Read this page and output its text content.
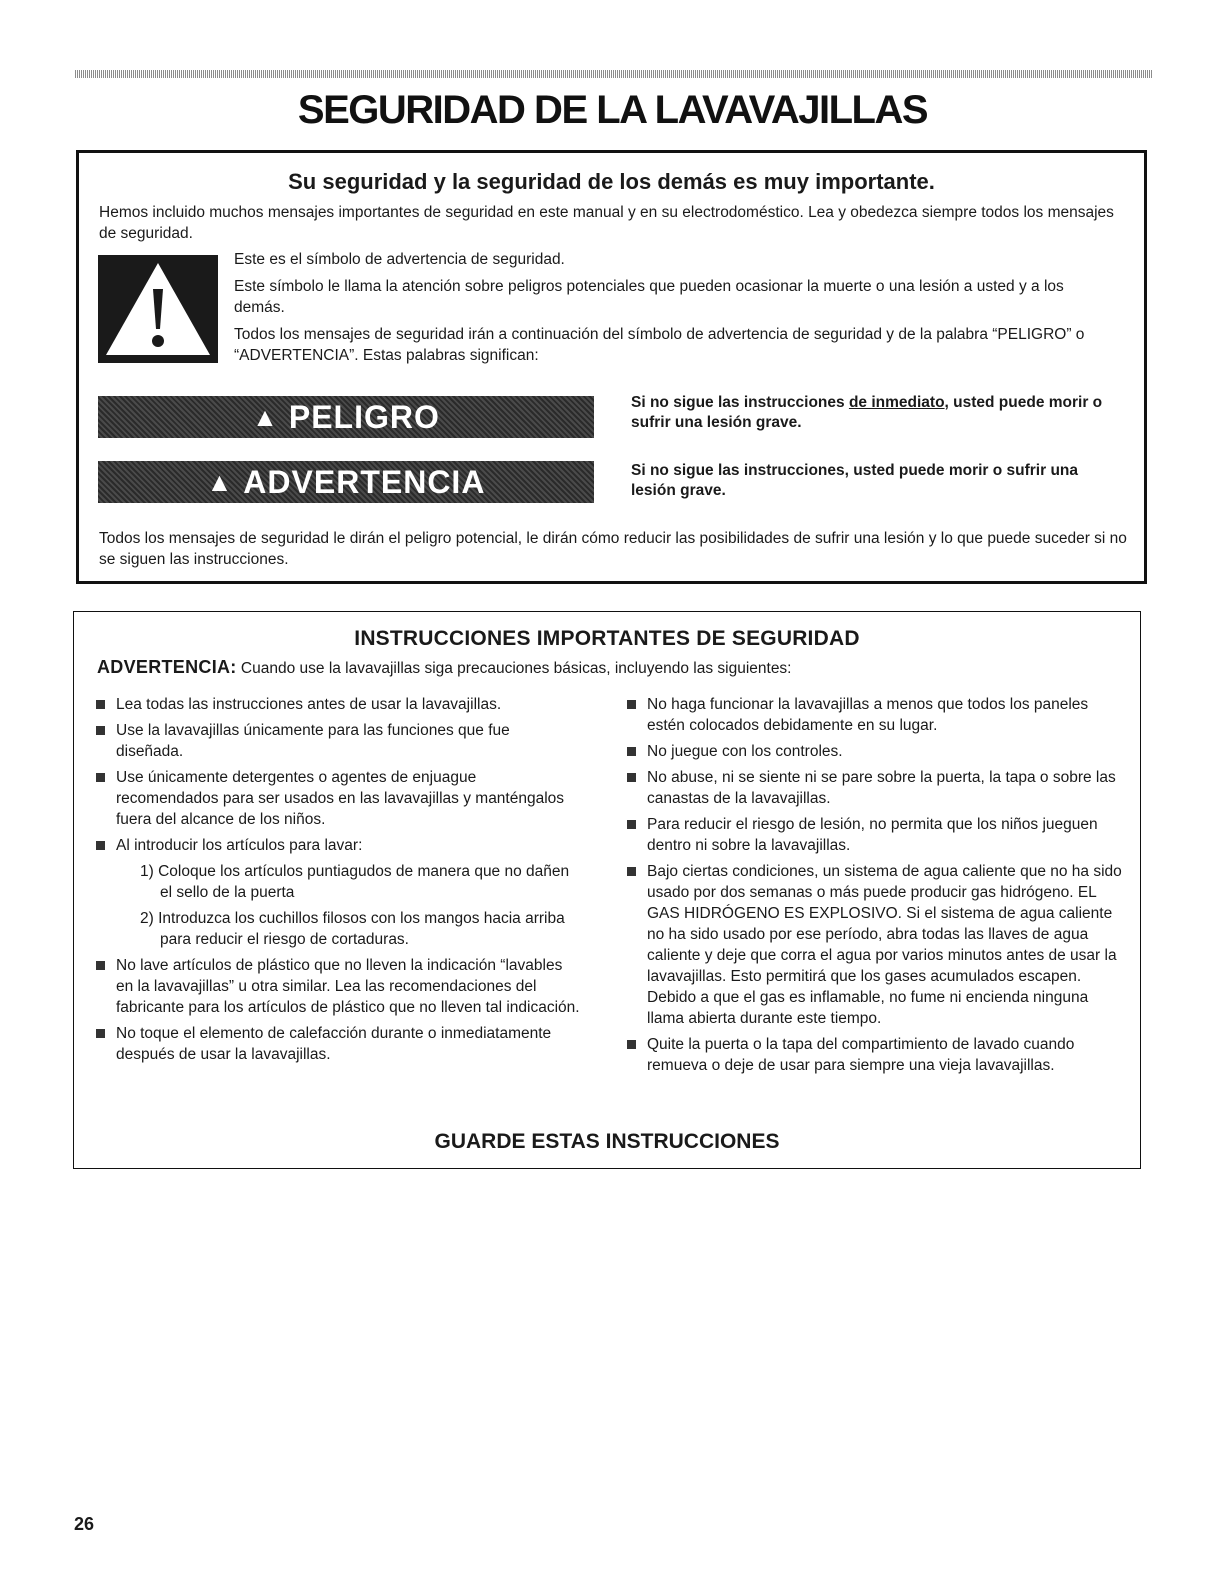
SEGURIDAD DE LA LAVAVAJILLAS
Su seguridad y la seguridad de los demás es muy importante.

Hemos incluido muchos mensajes importantes de seguridad en este manual y en su electrodoméstico. Lea y obedezca siempre todos los mensajes de seguridad.

Este es el símbolo de advertencia de seguridad.

Este símbolo le llama la atención sobre peligros potenciales que pueden ocasionar la muerte o una lesión a usted y a los demás.

Todos los mensajes de seguridad irán a continuación del símbolo de advertencia de seguridad y de la palabra “PELIGRO” o “ADVERTENCIA”. Estas palabras significan:

▲ PELIGRO	Si no sigue las instrucciones de inmediato, usted puede morir o sufrir una lesión grave.

▲ ADVERTENCIA	Si no sigue las instrucciones, usted puede morir o sufrir una lesión grave.

Todos los mensajes de seguridad le dirán el peligro potencial, le dirán cómo reducir las posibilidades de sufrir una lesión y lo que puede suceder si no se siguen las instrucciones.

INSTRUCCIONES IMPORTANTES DE SEGURIDAD

ADVERTENCIA: Cuando use la lavavajillas siga precauciones básicas, incluyendo las siguientes:

Lea todas las instrucciones antes de usar la lavavajillas.

Use la lavavajillas únicamente para las funciones que fue diseñada.

Use únicamente detergentes o agentes de enjuague recomendados para ser usados en las lavavajillas y manténgalos fuera del alcance de los niños.

Al introducir los artículos para lavar:

1) Coloque los artículos puntiagudos de manera que no dañen el sello de la puerta

2) Introduzca los cuchillos filosos con los mangos hacia arriba para reducir el riesgo de cortaduras.

No lave artículos de plástico que no lleven la indicación “lavables en la lavavajillas” u otra similar. Lea las recomendaciones del fabricante para los artículos de plástico que no lleven tal indicación.

No toque el elemento de calefacción durante o inmediatamente después de usar la lavavajillas.

No haga funcionar la lavavajillas a menos que todos los paneles estén colocados debidamente en su lugar.

No juegue con los controles.

No abuse, ni se siente ni se pare sobre la puerta, la tapa o sobre las canastas de la lavavajillas.

Para reducir el riesgo de lesión, no permita que los niños jueguen dentro ni sobre la lavavajillas.

Bajo ciertas condiciones, un sistema de agua caliente que no ha sido usado por dos semanas o más puede producir gas hidrógeno. EL GAS HIDRÓGENO ES EXPLOSIVO. Si el sistema de agua caliente no ha sido usado por ese período, abra todas las llaves de agua caliente y deje que corra el agua por varios minutos antes de usar la lavavajillas. Esto permitirá que los gases acumulados escapen. Debido a que el gas es inflamable, no fume ni encienda ninguna llama abierta durante este tiempo.

Quite la puerta o la tapa del compartimiento de lavado cuando remueva o deje de usar para siempre una vieja lavavajillas.

GUARDE ESTAS INSTRUCCIONES
26
